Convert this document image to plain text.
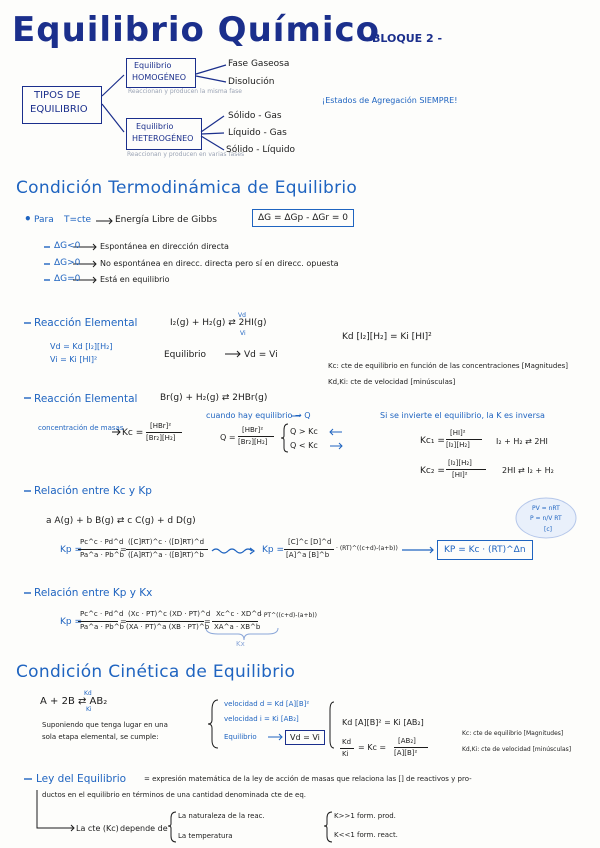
Equilibrio Químico
BLOQUE 2 -
TIPOS DE
EQUILIBRIO
Equilibrio
HOMOGÉNEO
Reaccionan y producen la misma fase
Fase Gaseosa
Disolución
Equilibrio
HETEROGÉNEO
Reaccionan y producen en varias fases
Sólido - Gas
Líquido - Gas
Sólido - Líquido
¡Estados de Agregación SIEMPRE!
Condición Termodinámica de Equilibrio
• Para T=cte	Energía Libre de Gibbs	ΔG = ΔGp - ΔGr = 0
ΔG<0 Espontánea en dirección directa
ΔG>0 No espontánea en direcc. directa pero sí en direcc. opuesta
ΔG=0 Está en equilibrio
Reacción Elemental	I₂(g) + H₂(g) ⇄ 2HI(g)
Vd
Vi
Vd = Kd [I₂][H₂]
Vi = Ki [HI]²	Equilibrio	Vd = Vi
Kd [I₂][H₂] = Ki [HI]²
Kc: cte de equilibrio en función de las concentraciones [Magnitudes]
Kd,Ki: cte de velocidad [minúsculas]
Reacción Elemental	Br(g) + H₂(g) ⇄ 2HBr(g)
concentración de masas
Kc =
[HBr]²
[Br₂][H₂]
cuando hay equilibrio → Q
Q =
[HBr]²
[Br₂][H₂]
Q > Kc
Q < Kc
Si se invierte el equilibrio, la K es inversa
Kc₁ =
[HI]²
[I₂][H₂]	I₂ + H₂ ⇄ 2HI
Kc₂ =
[I₂][H₂]
[HI]²	2HI ⇄ I₂ + H₂
Relación entre Kc y Kp
a A(g) + b B(g) ⇄ c C(g) + d D(g)
PV = nRT
P = n/V RT
[c]
Kp =
Pc^c · Pd^d
Pa^a · Pb^b
=
([C]RT)^c · ([D]RT)^d
([A]RT)^a · ([B]RT)^b	Kp =
[C]^c [D]^d
[A]^a [B]^b
· (RT)^((c+d)-(a+b))	KP = Kc · (RT)^Δn
Relación entre Kp y Kx
Kp =
Pc^c · Pd^d
Pa^a · Pb^b
=
(Xc · PT)^c (XD · PT)^d
(XA · PT)^a (XB · PT)^b
=
Xc^c · XD^d
XA^a · XB^b
· PT^((c+d)-(a+b))
Kx
Condición Cinética de Equilibrio
A + 2B ⇄ AB₂
Kd
Ki
Suponiendo que tenga lugar en una
sola etapa elemental, se cumple:
velocidad d = Kd [A][B]²
velocidad i = Ki [AB₂]
Equilibrio	Vd = Vi
Kd [A][B]² = Ki [AB₂]
Kd
Ki
= Kc =
[AB₂]
[A][B]²
Kc: cte de equilibrio [Magnitudes]
Kd,Ki: cte de velocidad [minúsculas]
Ley del Equilibrio	= expresión matemática de la ley de acción de masas que relaciona las [] de reactivos y pro-
ductos en el equilibrio en términos de una cantidad denominada cte de eq.
La cte (Kc) depende de
La naturaleza de la reac.
La temperatura
K>>1 form. prod.
K<<1 form. react.
